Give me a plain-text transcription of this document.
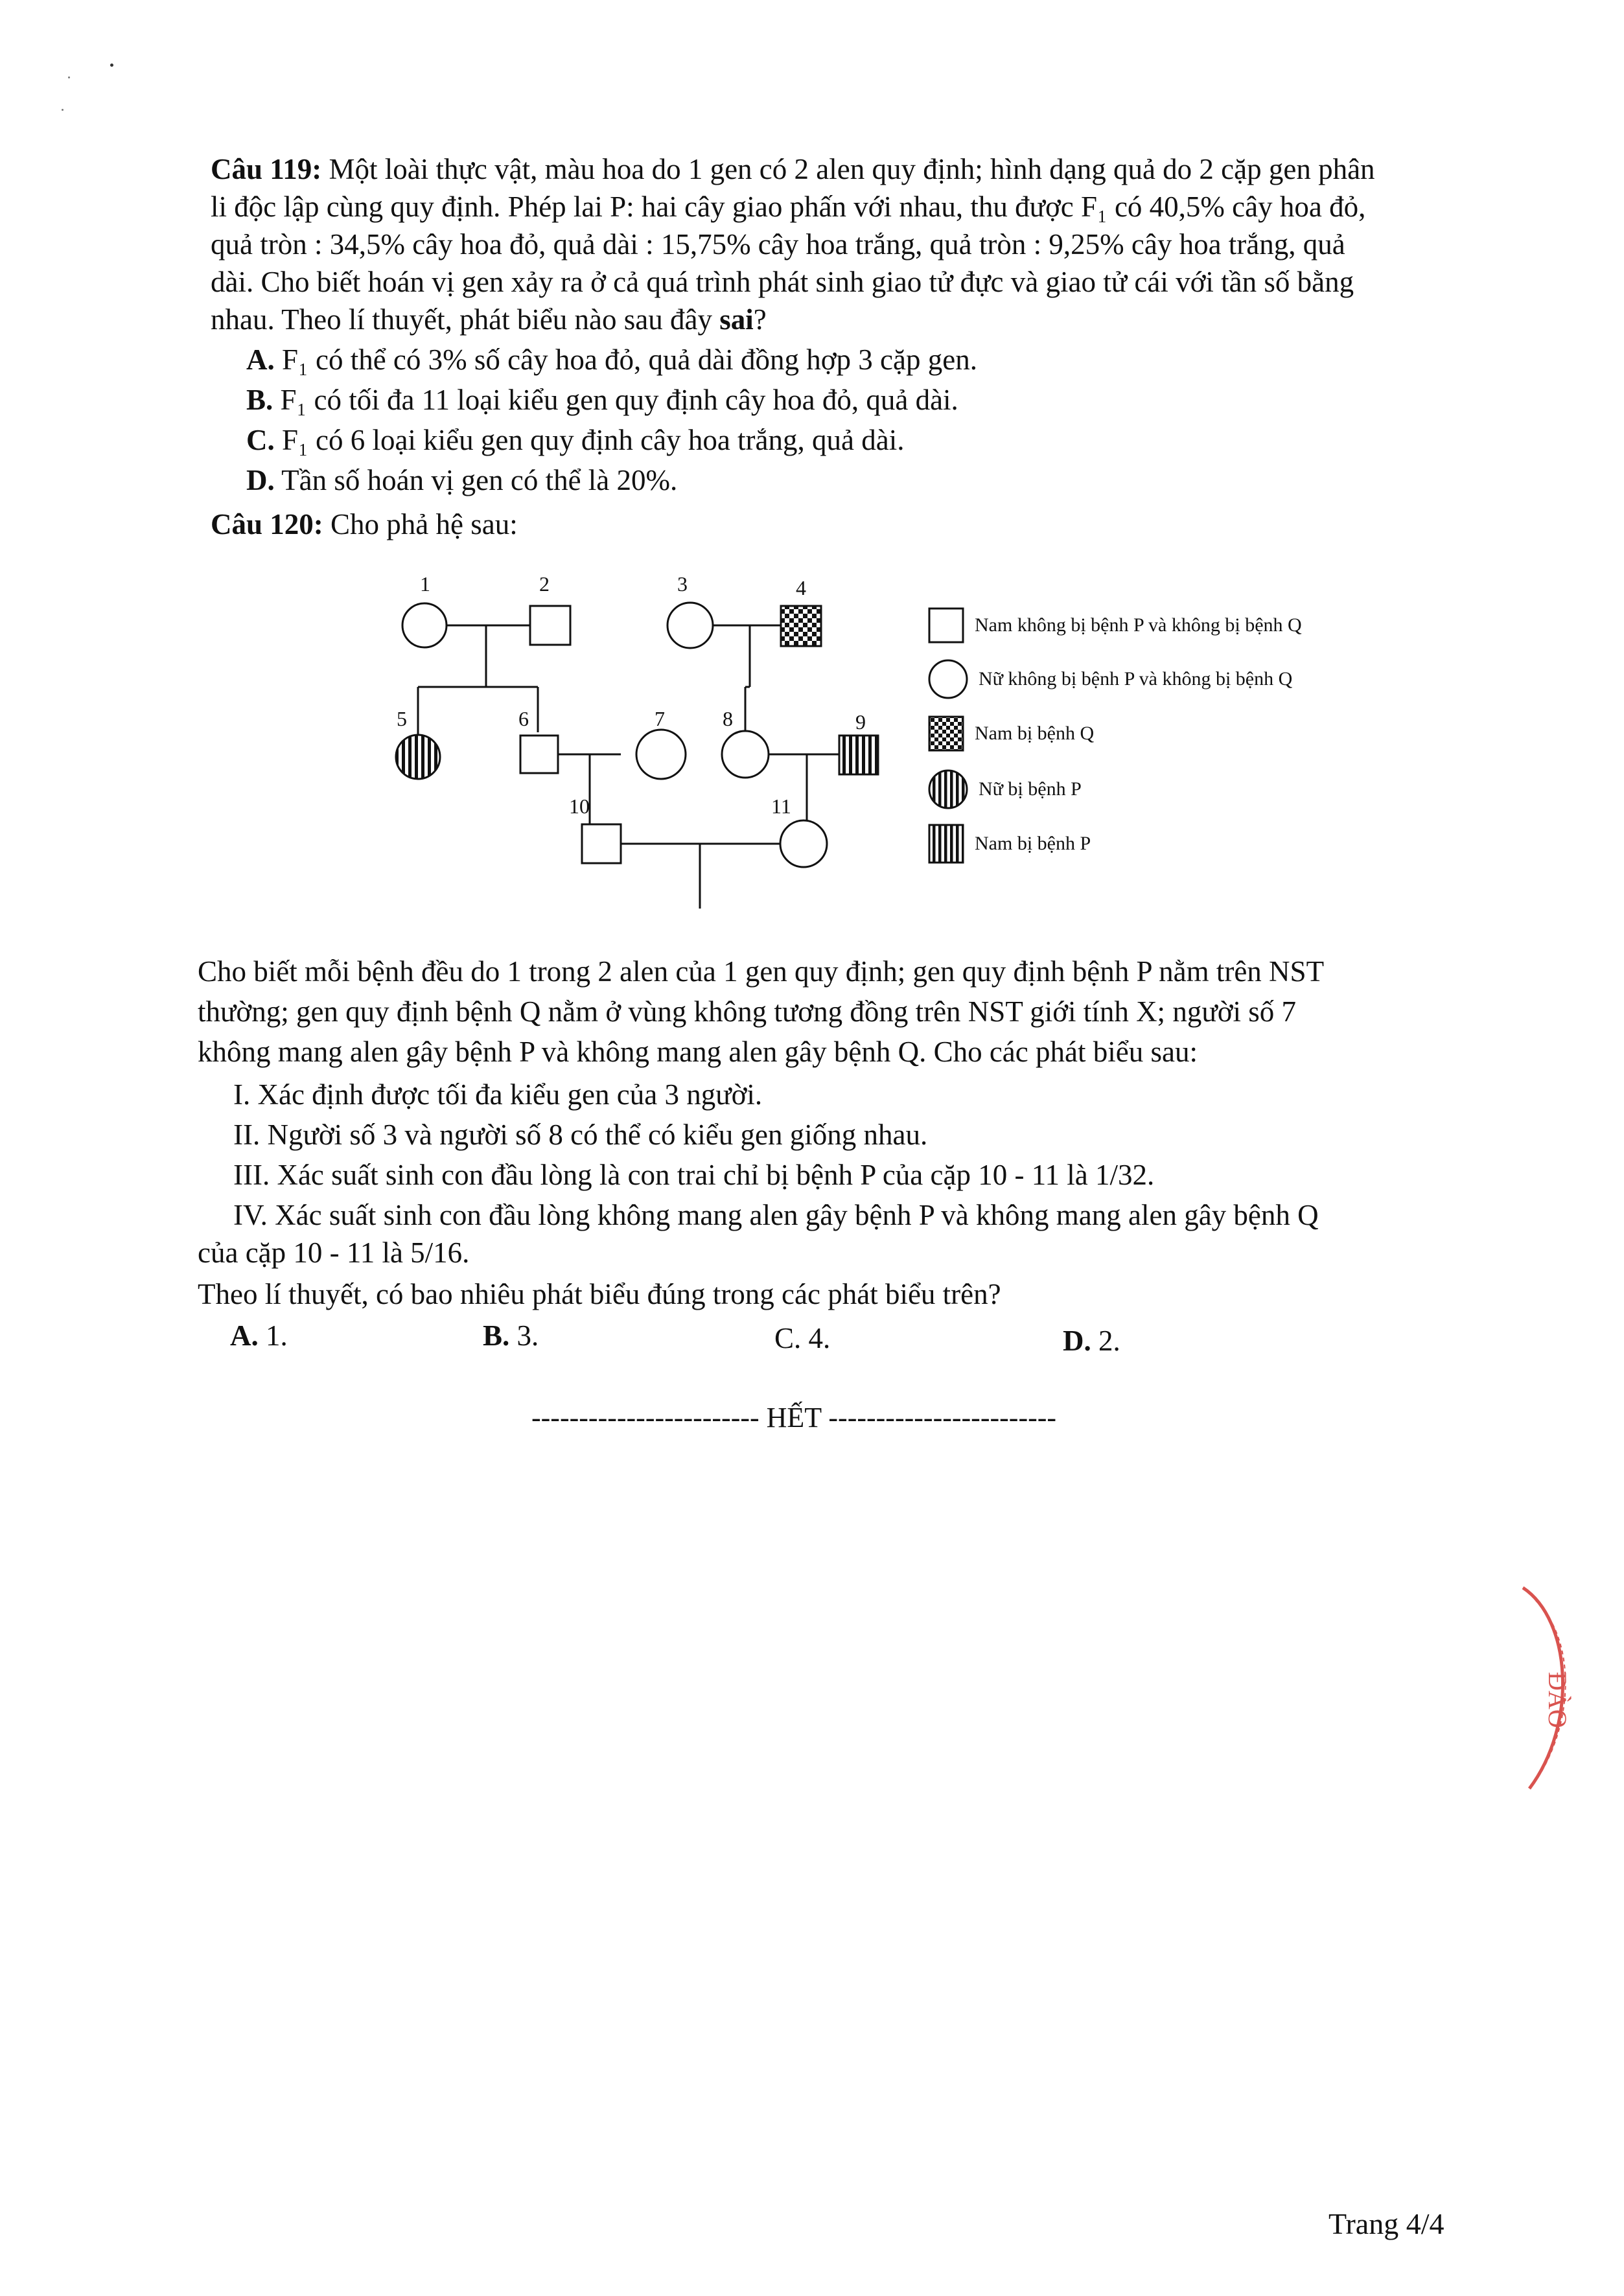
Câu 119: Một loài thực vật, màu hoa do 1 gen có 2 alen quy định; hình dạng quả do 2 cặp gen phân
li độc lập cùng quy định. Phép lai P: hai cây giao phấn với nhau, thu được F₁ có 40,5% cây hoa đỏ,
quả tròn : 34,5% cây hoa đỏ, quả dài : 15,75% cây hoa trắng, quả tròn : 9,25% cây hoa trắng, quả
dài. Cho biết hoán vị gen xảy ra ở cả quá trình phát sinh giao tử đực và giao tử cái với tần số bằng
nhau. Theo lí thuyết, phát biểu nào sau đây sai?
A. F₁ có thể có 3% số cây hoa đỏ, quả dài đồng hợp 3 cặp gen.
B. F₁ có tối đa 11 loại kiểu gen quy định cây hoa đỏ, quả dài.
C. F₁ có 6 loại kiểu gen quy định cây hoa trắng, quả dài.
D. Tần số hoán vị gen có thể là 20%.
Câu 120: Cho phả hệ sau:
1	2	3	4
5	6	7	8	9
10	11
Nam không bị bệnh P và không bị bệnh Q
Nữ không bị bệnh P và không bị bệnh Q
Nam bị bệnh Q
Nữ bị bệnh P
Nam bị bệnh P
Cho biết mỗi bệnh đều do 1 trong 2 alen của 1 gen quy định; gen quy định bệnh P nằm trên NST
thường; gen quy định bệnh Q nằm ở vùng không tương đồng trên NST giới tính X; người số 7
không mang alen gây bệnh P và không mang alen gây bệnh Q. Cho các phát biểu sau:
I. Xác định được tối đa kiểu gen của 3 người.
II. Người số 3 và người số 8 có thể có kiểu gen giống nhau.
III. Xác suất sinh con đầu lòng là con trai chỉ bị bệnh P của cặp 10 - 11 là 1/32.
IV. Xác suất sinh con đầu lòng không mang alen gây bệnh P và không mang alen gây bệnh Q
của cặp 10 - 11 là 5/16.
Theo lí thuyết, có bao nhiêu phát biểu đúng trong các phát biểu trên?
A. 1.	B. 3.	C. 4.	D. 2.
------------------------ HẾT ------------------------
ĐÀO
Trang 4/4
